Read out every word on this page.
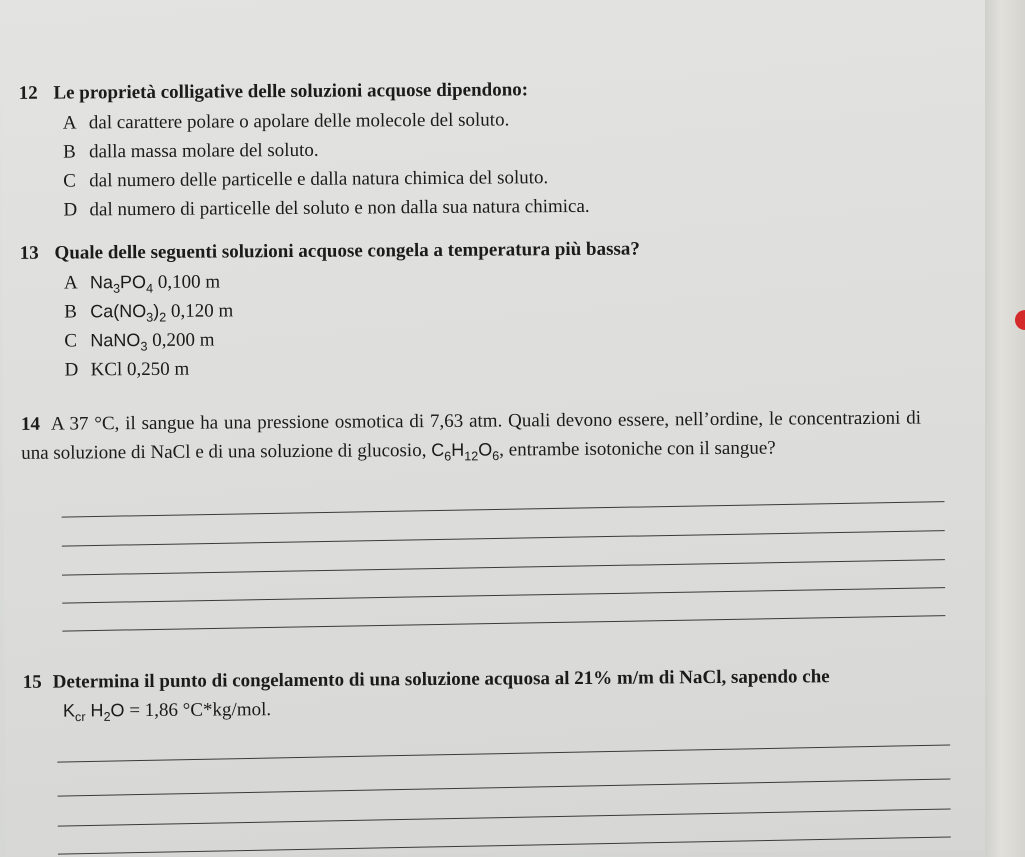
12 Le proprietà colligative delle soluzioni acquose dipendono:
A dal carattere polare o apolare delle molecole del soluto.
B dalla massa molare del soluto.
C dal numero delle particelle e dalla natura chimica del soluto.
D dal numero di particelle del soluto e non dalla sua natura chimica.
13 Quale delle seguenti soluzioni acquose congela a temperatura più bassa?
A $Na_3PO_4$ 0,100 m
B $Ca(NO_3)_2$ 0,120 m
C NaNO$_3$ 0,200 m
D KCl 0,250 m
14 A 37 °C, il sangue ha una pressione osmotica di 7,63 atm. Quali devono essere, nell’ordine, le concentrazioni di una soluzione di NaCl e di una soluzione di glucosio, $C_6H_{12}O_6$, entrambe isotoniche con il sangue?
15 Determina il punto di congelamento di una soluzione acquosa al 21% m/m di NaCl, sapendo che
$K_{cr}$ $H_2O = 1,86$ °C*kg/mol.
